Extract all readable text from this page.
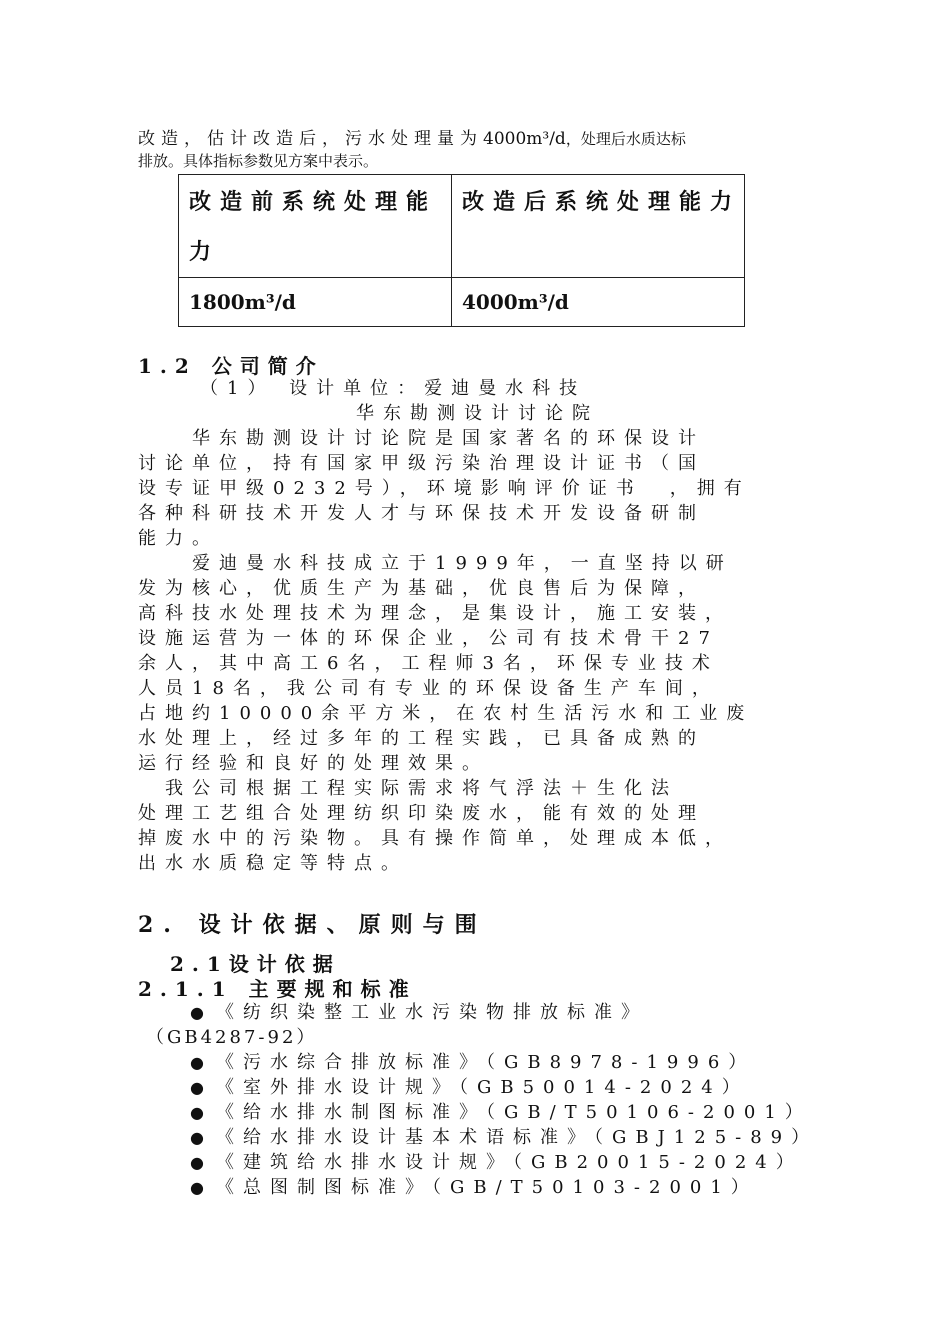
改造，估计改造后，污水处理量为4000m³/d，处理后水质达标
排放。具体指标参数见方案中表示。
改造前系统处理能力	改造后系统处理能力
1800m³/d	4000m³/d
1.2 公司简介
（1） 设计单位：爱迪曼水科技
华东勘测设计讨论院
　　华东勘测设计讨论院是国家著名的环保设计
讨论单位，持有国家甲级污染治理设计证书（国
设专证甲级0232号），环境影响评价证书　，拥有
各种科研技术开发人才与环保技术开发设备研制
能力。
　　爱迪曼水科技成立于1999年，一直坚持以研
发为核心，优质生产为基础，优良售后为保障，
高科技水处理技术为理念，是集设计，施工安装，
设施运营为一体的环保企业，公司有技术骨干27
余人，其中高工6名，工程师3名，环保专业技术
人员18名，我公司有专业的环保设备生产车间，
占地约10000余平方米，在农村生活污水和工业废
水处理上，经过多年的工程实践，已具备成熟的
运行经验和良好的处理效果。
　我公司根据工程实际需求将气浮法＋生化法
处理工艺组合处理纺织印染废水，能有效的处理
掉废水中的污染物。具有操作简单，处理成本低，
出水水质稳定等特点。
2. 设计依据、原则与围
2.1设计依据
2.1.1 主要规和标准
● 《纺织染整工业水污染物排放标准》
（GB4287-92）
● 《污水综合排放标准》（GB8978-1996）
● 《室外排水设计规》（GB50014-2024）
● 《给水排水制图标准》（GB/T50106-2001）
● 《给水排水设计基本术语标准》（GBJ125-89）
● 《建筑给水排水设计规》（GB20015-2024）
● 《总图制图标准》（GB/T50103-2001）
